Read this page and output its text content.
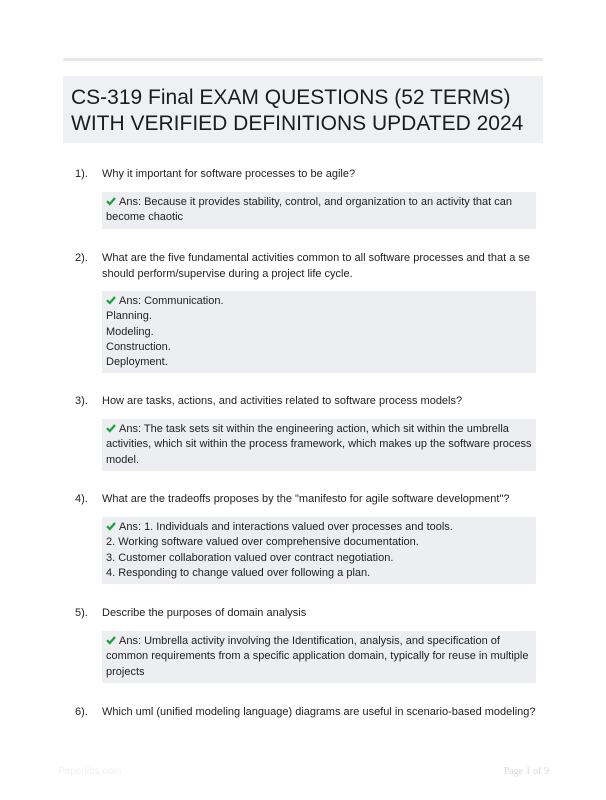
CS-319 Final EXAM QUESTIONS (52 TERMS)
WITH VERIFIED DEFINITIONS UPDATED 2024
1). Why it important for software processes to be agile?
Ans: Because it provides stability, control, and organization to an activity that can
become chaotic
2). What are the five fundamental activities common to all software processes and that a se
should perform/supervise during a project life cycle.
Ans: Communication.
Planning.
Modeling.
Construction.
Deployment.
3). How are tasks, actions, and activities related to software process models?
Ans: The task sets sit within the engineering action, which sit within the umbrella
activities, which sit within the process framework, which makes up the software process
model.
4). What are the tradeoffs proposes by the "manifesto for agile software development"?
Ans: 1. Individuals and interactions valued over processes and tools.
2. Working software valued over comprehensive documentation.
3. Customer collaboration valued over contract negotiation.
4. Responding to change valued over following a plan.
5). Describe the purposes of domain analysis
Ans: Umbrella activity involving the Identification, analysis, and specification of
common requirements from a specific application domain, typically for reuse in multiple
projects
6). Which uml (unified modeling language) diagrams are useful in scenario-based modeling?
Paperlibs.com	Page 1 of 9
